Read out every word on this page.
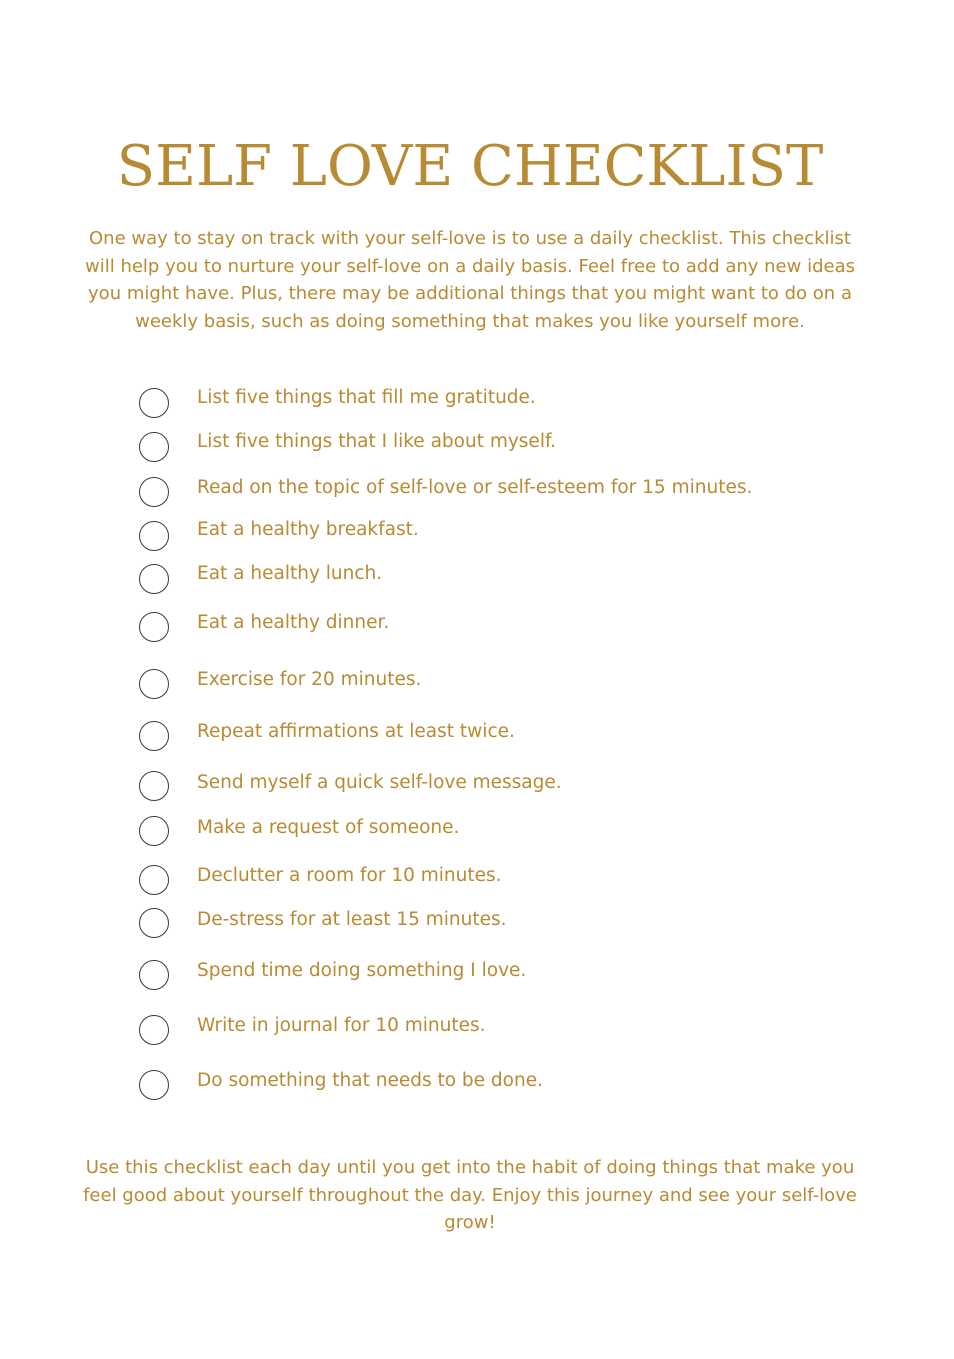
SELF LOVE CHECKLIST

One way to stay on track with your self-love is to use a daily checklist. This checklist will help you to nurture your self-love on a daily basis. Feel free to add any new ideas you might have. Plus, there may be additional things that you might want to do on a weekly basis, such as doing something that makes you like yourself more.

List five things that fill me gratitude.
List five things that I like about myself.
Read on the topic of self-love or self-esteem for 15 minutes.
Eat a healthy breakfast.
Eat a healthy lunch.
Eat a healthy dinner.
Exercise for 20 minutes.
Repeat affirmations at least twice.
Send myself a quick self-love message.
Make a request of someone.
Declutter a room for 10 minutes.
De-stress for at least 15 minutes.
Spend time doing something I love.
Write in journal for 10 minutes.
Do something that needs to be done.

Use this checklist each day until you get into the habit of doing things that make you feel good about yourself throughout the day. Enjoy this journey and see your self-love grow!
